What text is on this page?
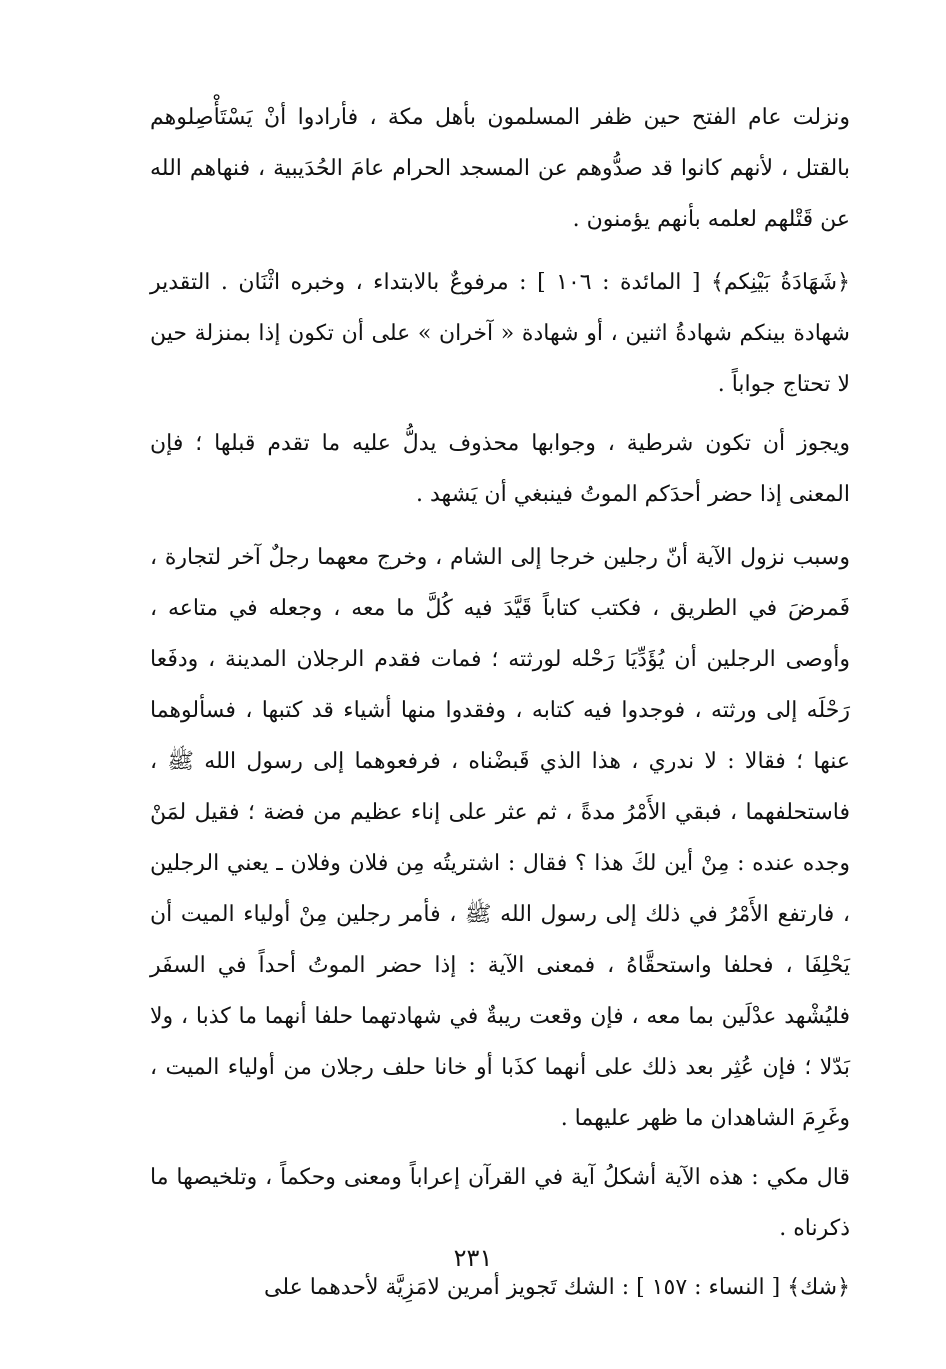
ونزلت عام الفتح حين ظفر المسلمون بأهل مكة ، فأرادوا أنْ يَسْتَأْصِلوهم بالقتل ، لأنهم كانوا قد صدُّوهم عن المسجد الحرام عامَ الحُدَيبية ، فنهاهم الله عن قَتْلهم لعلمه بأنهم يؤمنون .

﴿شَهَادَةُ بَيْنِكم﴾ [ المائدة : ١٠٦ ] : مرفوعٌ بالابتداء ، وخبره اثْنَان . التقدير شهادة بينكم شهادةُ اثنين ، أو شهادة « آخران » على أن تكون إذا بمنزلة حين لا تحتاج جواباً .

ويجوز أن تكون شرطية ، وجوابها محذوف يدلُّ عليه ما تقدم قبلها ؛ فإن المعنى إذا حضر أحدَكم الموتُ فينبغي أن يَشهد .

وسبب نزول الآية أنّ رجلين خرجا إلى الشام ، وخرج معهما رجلٌ آخر لتجارة ، فَمرضَ في الطريق ، فكتب كتاباً قَيَّدَ فيه كُلَّ ما معه ، وجعله في متاعه ، وأوصى الرجلين أن يُؤَدِّيَا رَحْله لورثته ؛ فمات فقدم الرجلان المدينة ، ودفَعا رَحْلَه إلى ورثته ، فوجدوا فيه كتابه ، وفقدوا منها أشياء قد كتبها ، فسألوهما عنها ؛ فقالا : لا ندري ، هذا الذي قَبضْناه ، فرفعوهما إلى رسول الله ﷺ ، فاستحلفهما ، فبقي الأَمْرُ مدةً ، ثم عثر على إناء عظيم من فضة ؛ فقيل لمَنْ وجده عنده : مِنْ أين لكَ هذا ؟ فقال : اشتريتُه مِن فلان وفلان ـ يعني الرجلين ، فارتفع الأَمْرُ في ذلك إلى رسول الله ﷺ ، فأمر رجلين مِنْ أولياء الميت أن يَحْلِفَا ، فحلفا واستحقَّاهُ ، فمعنى الآية : إذا حضر الموتُ أحداً في السفَر فليُشْهد عدْلَين بما معه ، فإن وقعت ريبةٌ في شهادتهما حلفا أنهما ما كذبا ، ولا بَدّلا ؛ فإن عُثِر بعد ذلك على أنهما كذَبا أو خانا حلف رجلان من أولياء الميت ، وغَرِمَ الشاهدان ما ظهر عليهما .

قال مكي : هذه الآية أشكلُ آية في القرآن إعراباً ومعنى وحكماً ، وتلخيصها ما ذكرناه .

﴿شك﴾ [ النساء : ١٥٧ ] : الشك تَجويز أمرين لامَزِيَّة لأحدهما على

٢٣١
